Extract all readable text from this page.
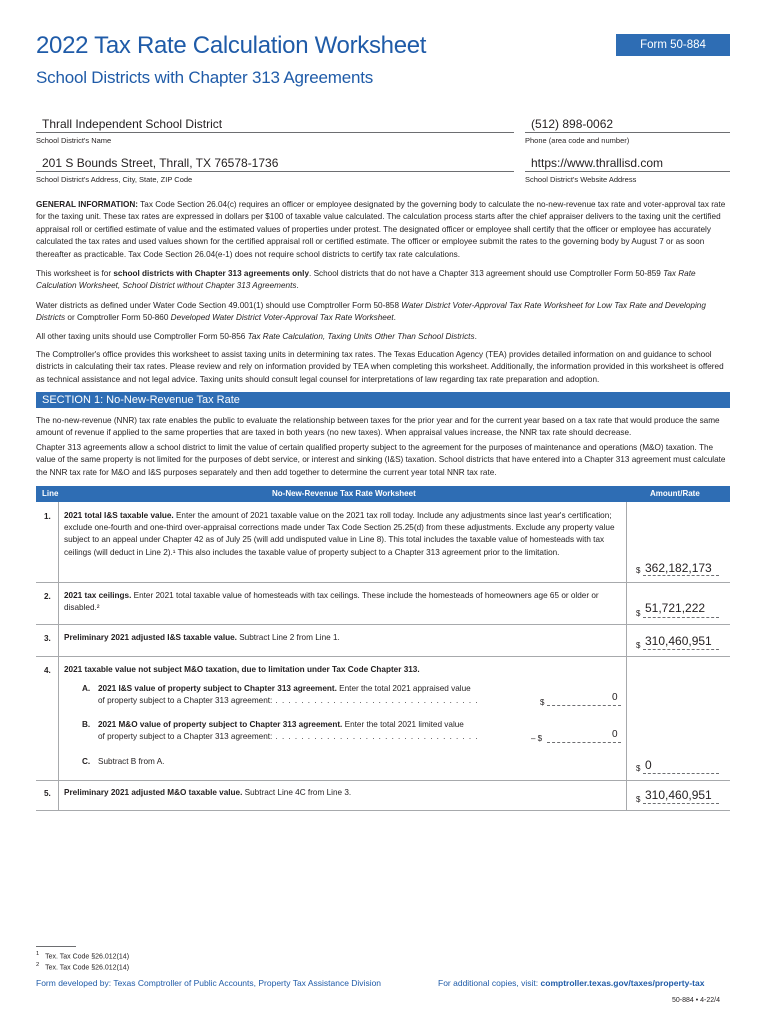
2022 Tax Rate Calculation Worksheet
School Districts with Chapter 313 Agreements
Form 50-884
Thrall Independent School District
School District's Name
(512) 898-0062
Phone (area code and number)
201 S Bounds Street, Thrall, TX 76578-1736
School District's Address, City, State, ZIP Code
https://www.thrallisd.com
School District's Website Address
GENERAL INFORMATION: Tax Code Section 26.04(c) requires an officer or employee designated by the governing body to calculate the no-new-revenue tax rate and voter-approval tax rate for the taxing unit. These tax rates are expressed in dollars per $100 of taxable value calculated. The calculation process starts after the chief appraiser delivers to the taxing unit the certified appraisal roll or certified estimate of value and the estimated values of properties under protest. The designated officer or employee shall certify that the officer or employee has accurately calculated the tax rates and used values shown for the certified appraisal roll or certified estimate. The officer or employee submit the rates to the governing body by August 7 or as soon thereafter as practicable. Tax Code Section 26.04(e-1) does not require school districts to certify tax rate calculations.
This worksheet is for school districts with Chapter 313 agreements only. School districts that do not have a Chapter 313 agreement should use Comptroller Form 50-859 Tax Rate Calculation Worksheet, School District without Chapter 313 Agreements.
Water districts as defined under Water Code Section 49.001(1) should use Comptroller Form 50-858 Water District Voter-Approval Tax Rate Worksheet for Low Tax Rate and Developing Districts or Comptroller Form 50-860 Developed Water District Voter-Approval Tax Rate Worksheet.
All other taxing units should use Comptroller Form 50-856 Tax Rate Calculation, Taxing Units Other Than School Districts.
The Comptroller's office provides this worksheet to assist taxing units in determining tax rates. The Texas Education Agency (TEA) provides detailed information on and guidance to school districts in calculating their tax rates. Please review and rely on information provided by TEA when completing this worksheet. Additionally, the information provided in this worksheet is offered as technical assistance and not legal advice. Taxing units should consult legal counsel for interpretations of law regarding tax rate preparation and adoption.
SECTION 1: No-New-Revenue Tax Rate
The no-new-revenue (NNR) tax rate enables the public to evaluate the relationship between taxes for the prior year and for the current year based on a tax rate that would produce the same amount of revenue if applied to the same properties that are taxed in both years (no new taxes). When appraisal values increase, the NNR tax rate should decrease.
Chapter 313 agreements allow a school district to limit the value of certain qualified property subject to the agreement for the purposes of maintenance and operations (M&O) taxation. The value of the same property is not limited for the purposes of debt service, or interest and sinking (I&S) taxation. School districts that have entered into a Chapter 313 agreement must calculate the NNR tax rate for M&O and I&S purposes separately and then add together to determine the current year total NNR tax rate.
Line	No-New-Revenue Tax Rate Worksheet	Amount/Rate
1. 2021 total I&S taxable value. Enter the amount of 2021 taxable value on the 2021 tax roll today. Include any adjustments since last year's certification; exclude one-fourth and one-third over-appraisal corrections made under Tax Code Section 25.25(d) from these adjustments. Exclude any property value subject to an appeal under Chapter 42 as of July 25 (will add undisputed value in Line 8). This total includes the taxable value of homesteads with tax ceilings (will deduct in Line 2).¹ This also includes the taxable value of property subject to a Chapter 313 agreement prior to the limitation.
$ 362,182,173
2. 2021 tax ceilings. Enter 2021 total taxable value of homesteads with tax ceilings. These include the homesteads of homeowners age 65 or older or disabled.²
$ 51,721,222
3. Preliminary 2021 adjusted I&S taxable value. Subtract Line 2 from Line 1.
$ 310,460,951
4. 2021 taxable value not subject M&O taxation, due to limitation under Tax Code Chapter 313.
A. 2021 I&S value of property subject to Chapter 313 agreement. Enter the total 2021 appraised value
of property subject to a Chapter 313 agreement: . . . . . . . . . . . . . . . . . . . . . . . . . . . . . . . .	$	0
B. 2021 M&O value of property subject to Chapter 313 agreement. Enter the total 2021 limited value
of property subject to a Chapter 313 agreement: . . . . . . . . . . . . . . . . . . . . . . . . . . . . . . . .	– $	0
C. Subtract B from A.
$ 0
5. Preliminary 2021 adjusted M&O taxable value. Subtract Line 4C from Line 3.
$ 310,460,951
$^1$ Tex. Tax Code §26.012(14)
$^2$ Tex. Tax Code §26.012(14)
Form developed by: Texas Comptroller of Public Accounts, Property Tax Assistance Division	For additional copies, visit: comptroller.texas.gov/taxes/property-tax
50-884 • 4-22/4
